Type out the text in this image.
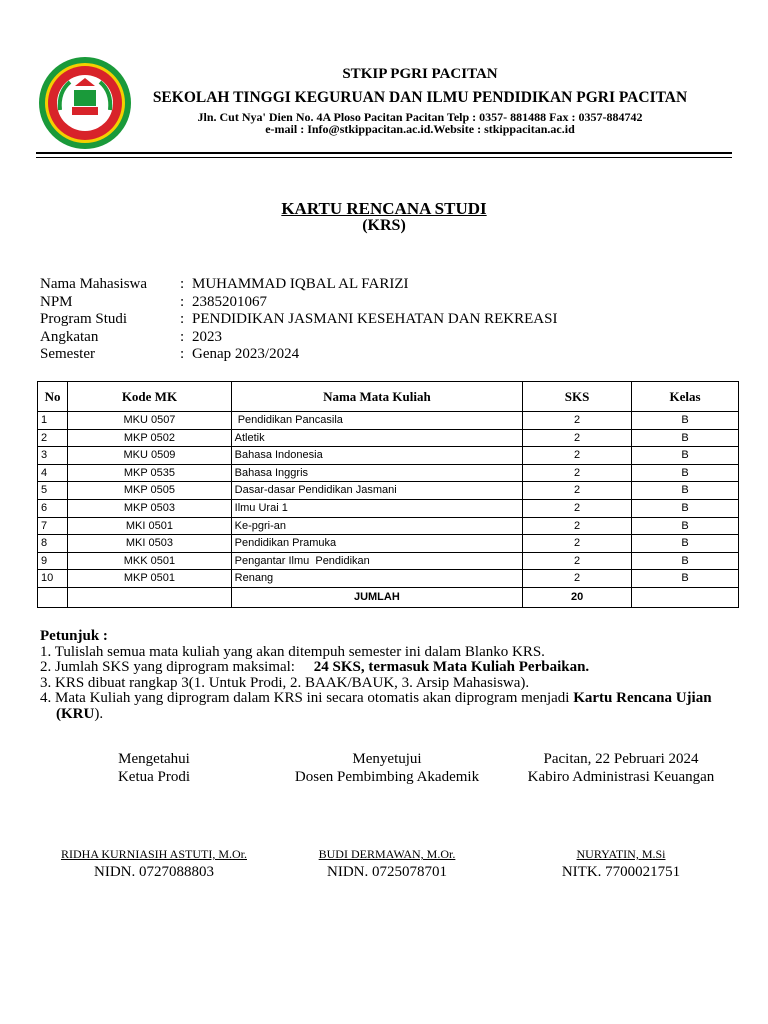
STKIP PGRI PACITAN
SEKOLAH TINGGI KEGURUAN DAN ILMU PENDIDIKAN PGRI PACITAN
Jln. Cut Nya' Dien No. 4A Ploso Pacitan Pacitan Telp : 0357- 881488 Fax : 0357-884742
e-mail : Info@stkippacitan.ac.id.Website : stkippacitan.ac.id
KARTU RENCANA STUDI
(KRS)
Nama Mahasiswa : MUHAMMAD IQBAL AL FARIZI
NPM	: 2385201067
Program Studi	: PENDIDIKAN JASMANI KESEHATAN DAN REKREASI
Angkatan	: 2023
Semester	: Genap 2023/2024
No	Kode MK	Nama Mata Kuliah	SKS	Kelas
1	MKU 0507	Pendidikan Pancasila	2	B
2	MKP 0502	Atletik	2	B
3	MKU 0509	Bahasa Indonesia	2	B
4	MKP 0535	Bahasa Inggris	2	B
5	MKP 0505	Dasar-dasar Pendidikan Jasmani	2	B
6	MKP 0503	Ilmu Urai 1	2	B
7	MKI 0501	Ke-pgri-an	2	B
8	MKI 0503	Pendidikan Pramuka	2	B
9	MKK 0501	Pengantar Ilmu  Pendidikan	2	B
10	MKP 0501	Renang	2	B
		JUMLAH	20	
Petunjuk :
1. Tulislah semua mata kuliah yang akan ditempuh semester ini dalam Blanko KRS.
2. Jumlah SKS yang diprogram maksimal: 24 SKS, termasuk Mata Kuliah Perbaikan.
3. KRS dibuat rangkap 3(1. Untuk Prodi, 2. BAAK/BAUK, 3. Arsip Mahasiswa).
4. Mata Kuliah yang diprogram dalam KRS ini secara otomatis akan diprogram menjadi Kartu Rencana Ujian
(KRU).
Mengetahui
Ketua Prodi
Menyetujui
Dosen Pembimbing Akademik
Pacitan, 22 Pebruari 2024
Kabiro Administrasi Keuangan
RIDHA KURNIASIH ASTUTI, M.Or.
NIDN. 0727088803
BUDI DERMAWAN, M.Or.
NIDN. 0725078701
NURYATIN, M.Si
NITK. 7700021751
